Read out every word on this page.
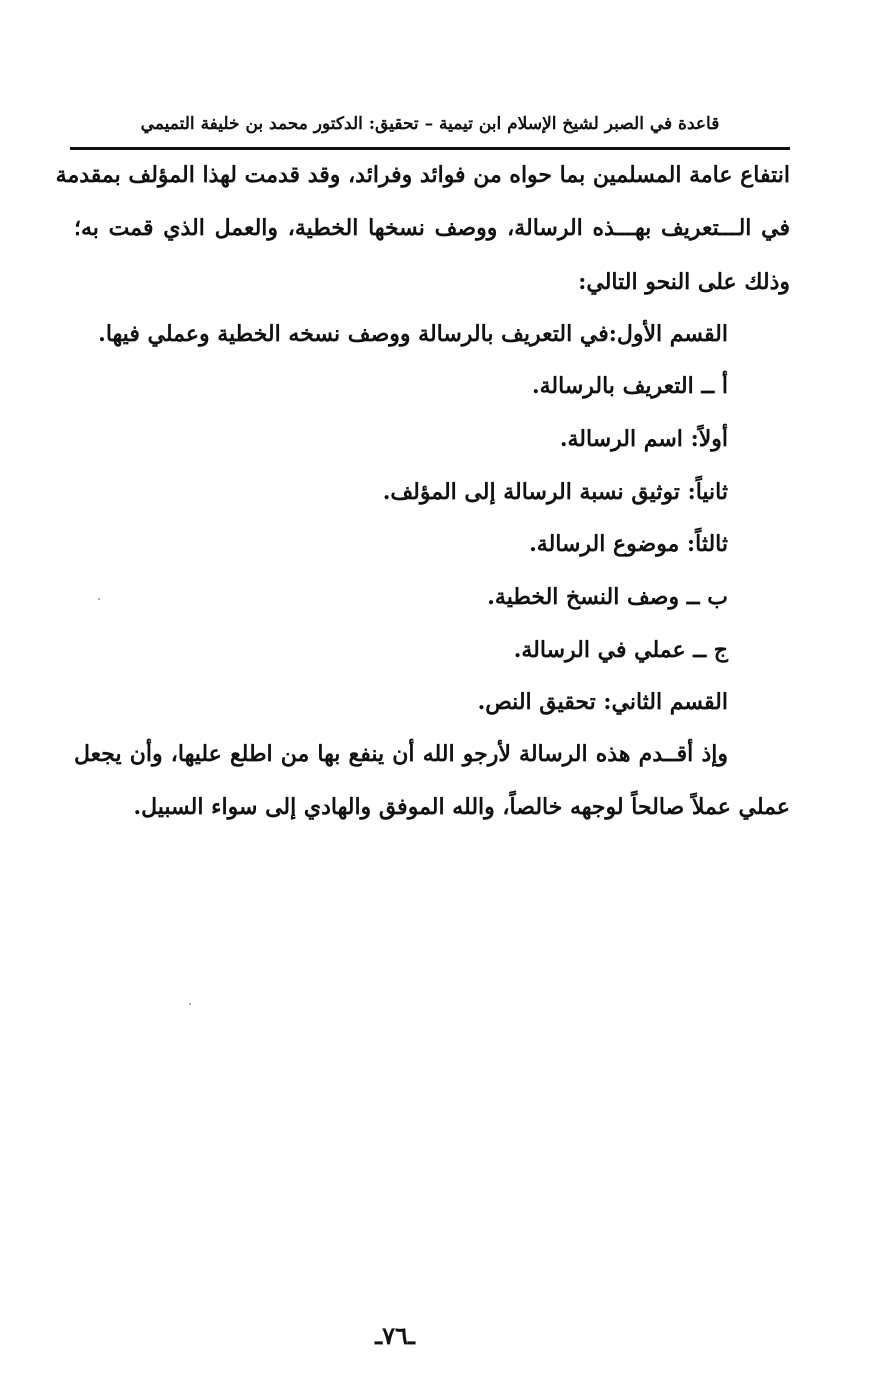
قاعدة في الصبر لشيخ الإسلام ابن تيمية – تحقيق: الدكتور محمد بن خليفة التميمي
انتفاع عامة المسلمين بما حواه من فوائد وفرائد، وقد قدمت لهذا المؤلف بمقدمة
في الـــتعريف بهـــذه الرسالة، ووصف نسخها الخطية، والعمل الذي قمت به؛
وذلك على النحو التالي:
القسم الأول:في التعريف بالرسالة ووصف نسخه الخطية وعملي فيها.
أ ــ التعريف بالرسالة.
أولاً: اسم الرسالة.
ثانياً: توثيق نسبة الرسالة إلى المؤلف.
ثالثاً: موضوع الرسالة.
ب ــ وصف النسخ الخطية.
ج ــ عملي في الرسالة.
القسم الثاني: تحقيق النص.
وإذ أقــدم هذه الرسالة لأرجو الله أن ينفع بها من اطلع عليها، وأن يجعل
عملي عملاً صالحاً لوجهه خالصاً، والله الموفق والهادي إلى سواء السبيل.
ـ٧٦ـ
